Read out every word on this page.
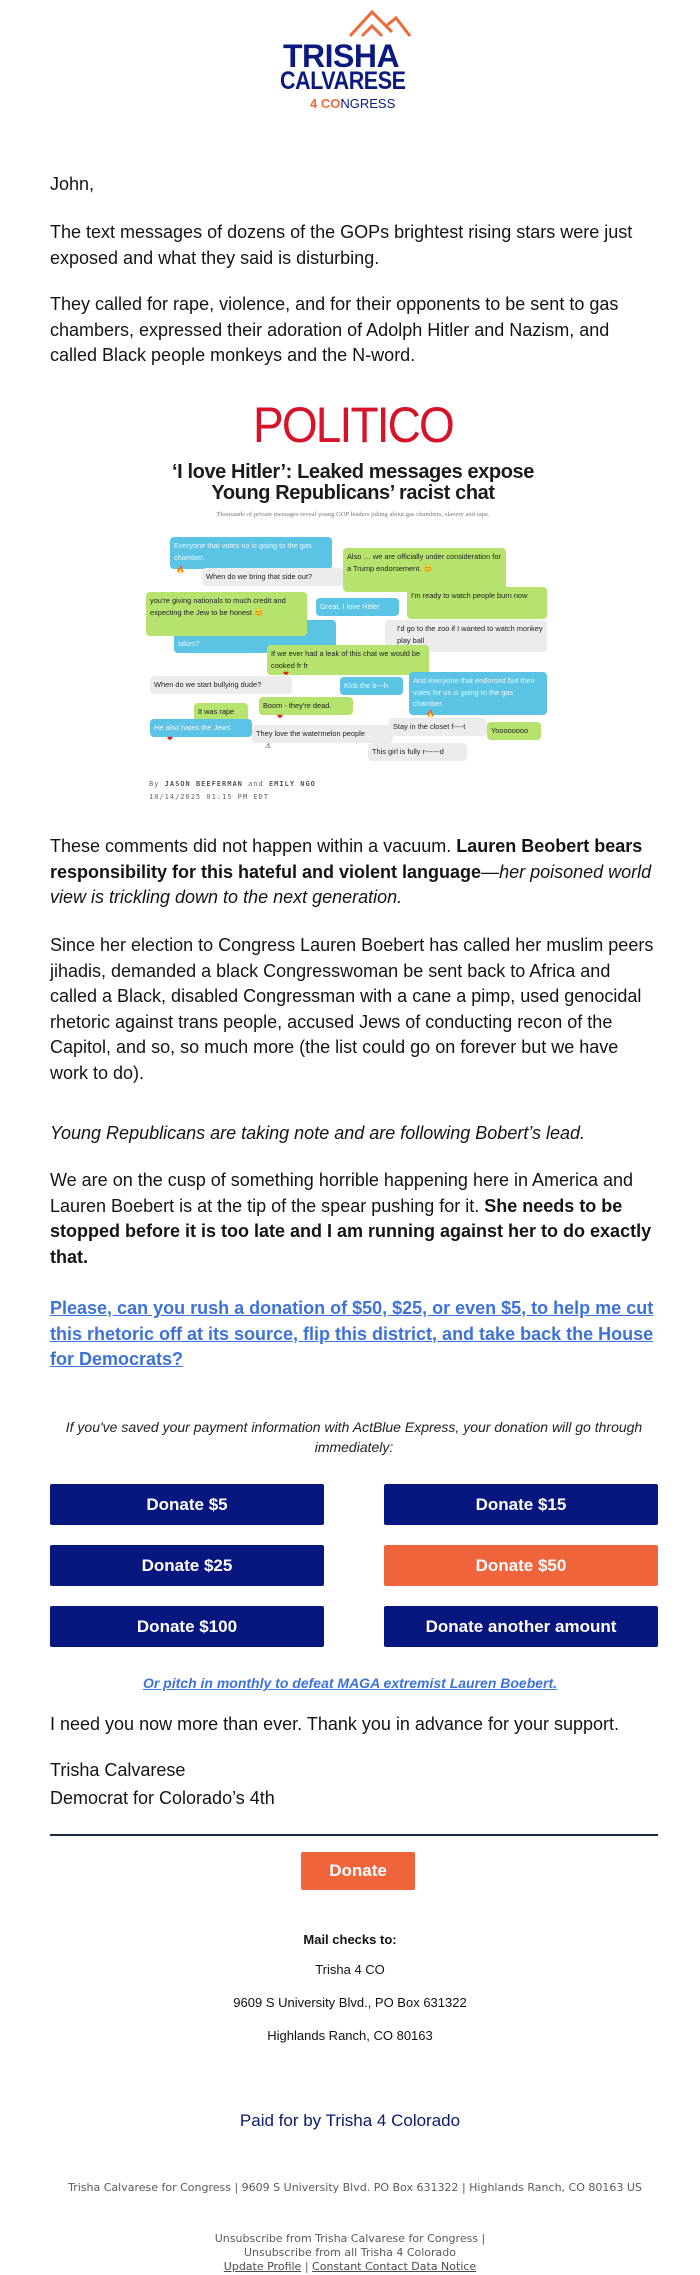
TRISHA
CALVARESE
4 CONGRESS

John,

The text messages of dozens of the GOPs brightest rising stars were just exposed and what they said is disturbing.

They called for rape, violence, and for their opponents to be sent to gas chambers, expressed their adoration of Adolph Hitler and Nazism, and called Black people monkeys and the N-word.

POLITICO
‘I love Hitler’: Leaked messages expose Young Republicans’ racist chat
Thousands of private messages reveal young GOP leaders joking about gas chambers, slavery and rape.
Everyone that votes no is going to the gas chamber.
takes?
When do we bring that side out?
Also … we are officially under consideration for a Trump endorsement. 😊
you're giving nationals to much credit and expecting the Jew to be honest 😊
Great. I love Hitler
I'd go to the zoo if I wanted to watch monkey play ball
I'm ready to watch people burn now
If we ever had a leak of this chat we would be cooked fr fr
When do we start bullying dude?	Kick the b---h
And everyone that endorsed but then votes for us is going to the gas chamber.
They love the watermelon people
It was rape
Boom - they're dead.
He also hates the Jews	Stay in the closet f----t	Yoooooooo
This girl is fully r------d
🔥
❤
❤
❤
⚠
🔥
By JASON BEEFERMAN and EMILY NGO
10/14/2025 01:15 PM EDT

These comments did not happen within a vacuum. Lauren Beobert bears responsibility for this hateful and violent language—her poisoned world view is trickling down to the next generation.

Since her election to Congress Lauren Boebert has called her muslim peers jihadis, demanded a black Congresswoman be sent back to Africa and called a Black, disabled Congressman with a cane a pimp, used genocidal rhetoric against trans people, accused Jews of conducting recon of the Capitol, and so, so much more (the list could go on forever but we have work to do).

Young Republicans are taking note and are following Bobert’s lead.

We are on the cusp of something horrible happening here in America and Lauren Boebert is at the tip of the spear pushing for it. She needs to be stopped before it is too late and I am running against her to do exactly that.

Please, can you rush a donation of $50, $25, or even $5, to help me cut this rhetoric off at its source, flip this district, and take back the House for Democrats?

If you've saved your payment information with ActBlue Express, your donation will go through immediately:

Donate $5	Donate $15
Donate $25	Donate $50
Donate $100	Donate another amount
Or pitch in monthly to defeat MAGA extremist Lauren Boebert.

I need you now more than ever. Thank you in advance for your support.

Trisha Calvarese

Democrat for Colorado’s 4th

Donate

Mail checks to:

Trisha 4 CO

9609 S University Blvd., PO Box 631322

Highlands Ranch, CO 80163

Paid for by Trisha 4 Colorado

Trisha Calvarese for Congress | 9609 S University Blvd. PO Box 631322 | Highlands Ranch, CO 80163 US

Unsubscribe from Trisha Calvarese for Congress |
Unsubscribe from all Trisha 4 Colorado
Update Profile | Constant Contact Data Notice
